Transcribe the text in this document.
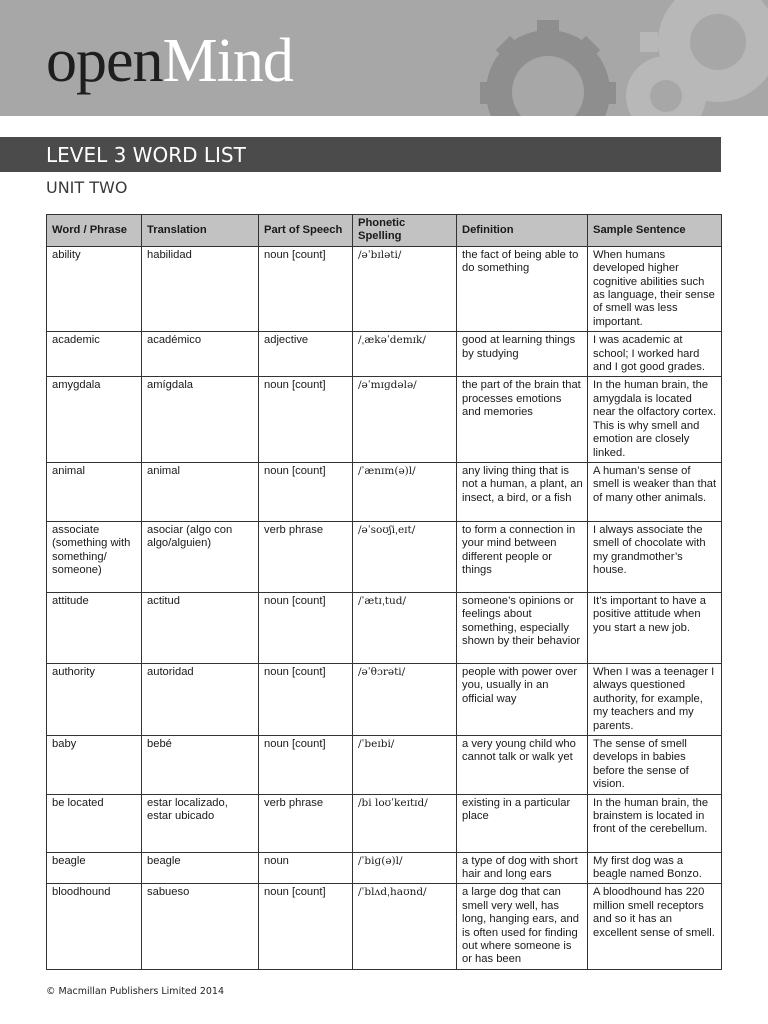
openMind
LEVEL 3 WORD LIST
UNIT TWO
Word / Phrase	Translation	Part of Speech	Phonetic Spelling	Definition	Sample Sentence
ability	habilidad	noun [count]	/əˈbɪləti/	the fact of being able to do something	When humans developed higher cognitive abilities such as language, their sense of smell was less important.
academic	académico	adjective	/ˌækəˈdemɪk/	good at learning things by studying	I was academic at school; I worked hard and I got good grades.
amygdala	amígdala	noun [count]	/əˈmɪɡdələ/	the part of the brain that processes emotions and memories	In the human brain, the amygdala is located near the olfactory cortex. This is why smell and emotion are closely linked.
animal	animal	noun [count]	/ˈænɪm(ə)l/	any living thing that is not a human, a plant, an insect, a bird, or a fish	A human’s sense of smell is weaker than that of many other animals.
associate (something with something/ someone)	asociar (algo con algo/alguien)	verb phrase	/əˈsoʊʃiˌeɪt/	to form a connection in your mind between different people or things	I always associate the smell of chocolate with my grandmother’s house.
attitude	actitud	noun [count]	/ˈætɪˌtud/	someone’s opinions or feelings about something, especially shown by their behavior	It’s important to have a positive attitude when you start a new job.
authority	autoridad	noun [count]	/əˈθɔrəti/	people with power over you, usually in an official way	When I was a teenager I always questioned authority, for example, my teachers and my parents.
baby	bebé	noun [count]	/ˈbeɪbi/	a very young child who cannot talk or walk yet	The sense of smell develops in babies before the sense of vision.
be located	estar localizado, estar ubicado	verb phrase	/bi loʊˈkeɪtɪd/	existing in a particular place	In the human brain, the brainstem is located in front of the cerebellum.
beagle	beagle	noun	/ˈbiɡ(ə)l/	a type of dog with short hair and long ears	My first dog was a beagle named Bonzo.
bloodhound	sabueso	noun [count]	/ˈblʌdˌhaʊnd/	a large dog that can smell very well, has long, hanging ears, and is often used for finding out where someone is or has been	A bloodhound has 220 million smell receptors and so it has an excellent sense of smell.
© Macmillan Publishers Limited 2014
